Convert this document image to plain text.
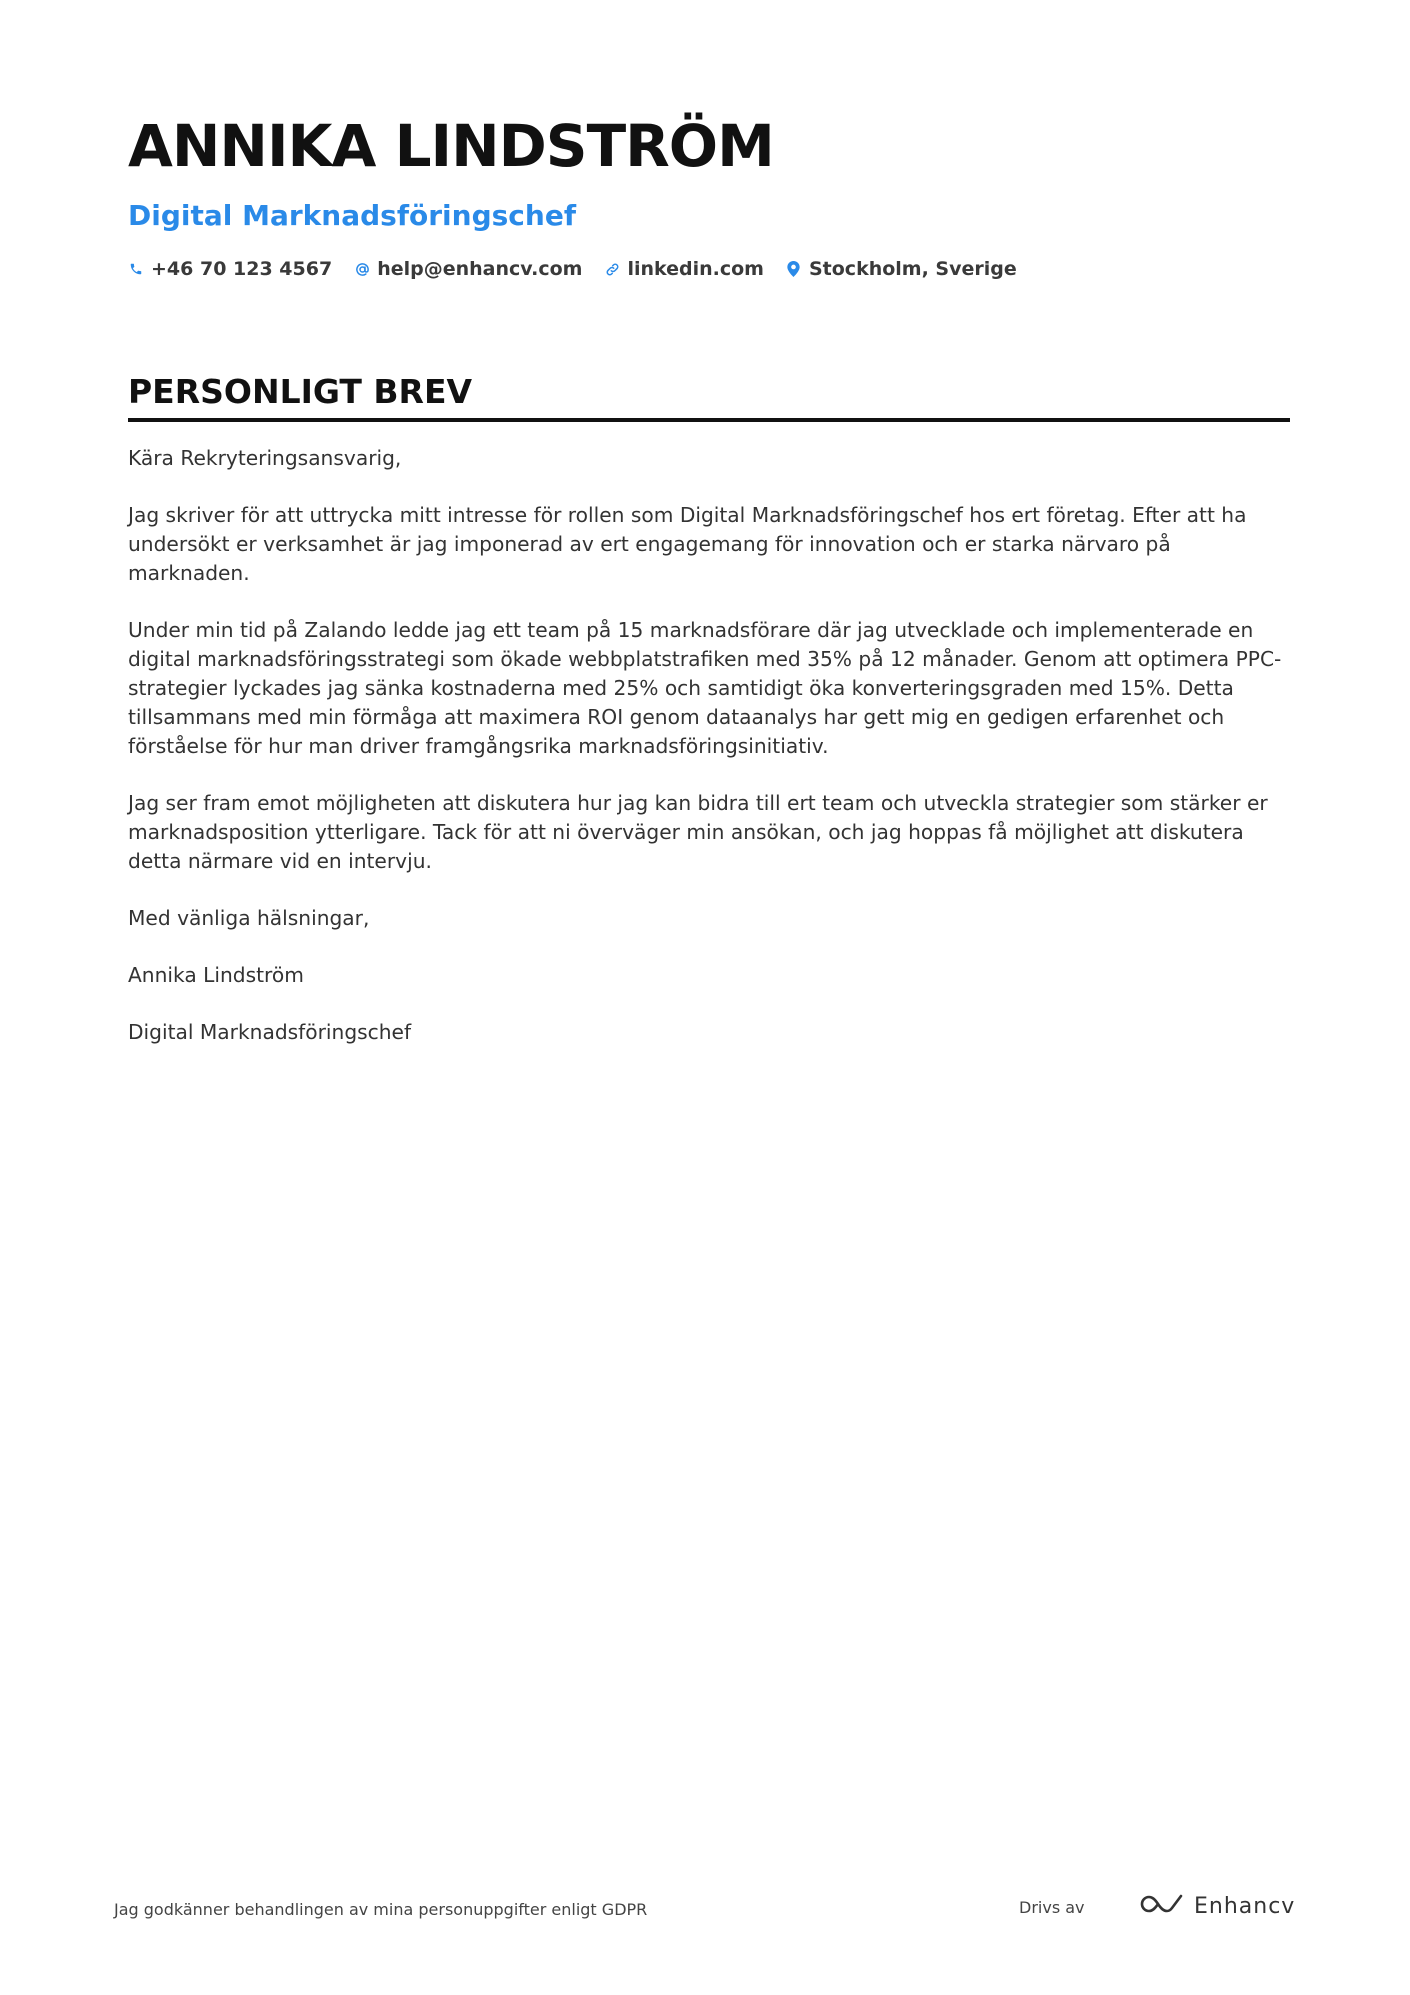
ANNIKA LINDSTRÖM
Digital Marknadsföringschef
+46 70 123 4567 help@enhancv.com linkedin.com Stockholm, Sverige
PERSONLIGT BREV

Kära Rekryteringsansvarig,

Jag skriver för att uttrycka mitt intresse för rollen som Digital Marknadsföringschef hos ert företag. Efter att ha undersökt er verksamhet är jag imponerad av ert engagemang för innovation och er starka närvaro på marknaden.

Under min tid på Zalando ledde jag ett team på 15 marknadsförare där jag utvecklade och implementerade en digital marknadsföringsstrategi som ökade webbplatstrafiken med 35% på 12 månader. Genom att optimera PPC-strategier lyckades jag sänka kostnaderna med 25% och samtidigt öka konverteringsgraden med 15%. Detta tillsammans med min förmåga att maximera ROI genom dataanalys har gett mig en gedigen erfarenhet och förståelse för hur man driver framgångsrika marknadsföringsinitiativ.

Jag ser fram emot möjligheten att diskutera hur jag kan bidra till ert team och utveckla strategier som stärker er marknadsposition ytterligare. Tack för att ni överväger min ansökan, och jag hoppas få möjlighet att diskutera detta närmare vid en intervju.

Med vänliga hälsningar,

Annika Lindström

Digital Marknadsföringschef

Jag godkänner behandlingen av mina personuppgifter enligt GDPR	Drivs av	Enhancv
